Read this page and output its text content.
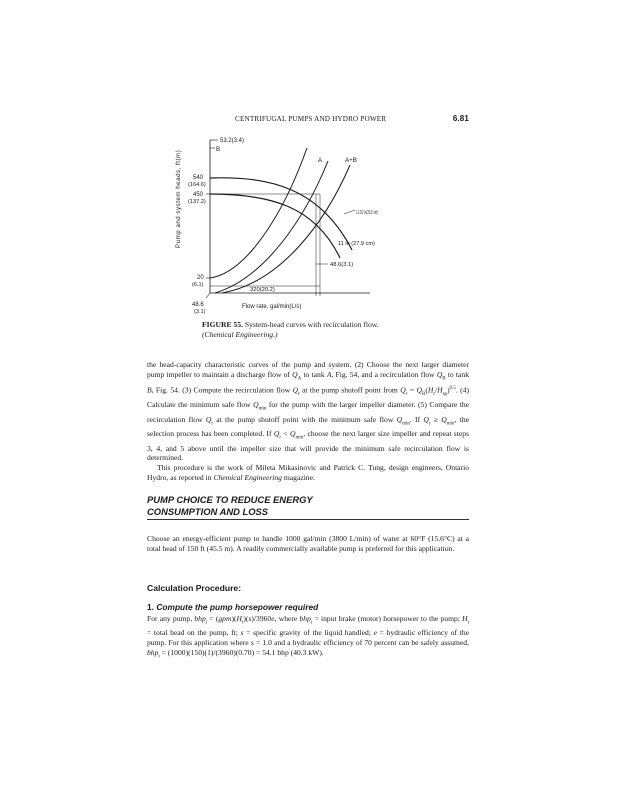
CENTRIFUGAL PUMPS AND HYDRO POWER	6.81
Pump and system heads, ft(m)
53.2(3.4)
B
A	A+B
540
(164.6)
450
(137.2)
20
(6.1)
48.6
(3.1)
11-1/2 in(29.2 cm)
11 in (27.9 cm)
48.6(3.1)
320(20.2)
Flow rate, gal/min(L/s)
FIGURE 55. System-head curves with recirculation flow.
(Chemical Engineering.)

the head-capacity characteristic curves of the pump and system. (2) Choose the next larger diameter pump impeller to maintain a discharge flow of $Q_A$ to tank A, Fig. 54, and a recirculation flow $Q_B$ to tank B, Fig. 54. (3) Compute the recirculation flow $Q_r$ at the pump shutoff point from $Q_r = Q_B(H_r/H_{sp})^{0.5}$. (4) Calculate the minimum safe flow $Q_{min}$ for the pump with the larger impeller diameter. (5) Compare the recirculation flow $Q_r$ at the pump shutoff point with the minimum safe flow $Q_{min}$. If $Q_r \ge Q_{min}$, the selection process has been completed. If $Q_r < Q_{min}$, choose the next larger size impeller and repeat steps 3, 4, and 5 above until the impeller size that will provide the minimum safe recirculation flow is determined.

This procedure is the work of Mileta Mikasinovic and Patrick C. Tung, design engineers, Ontario Hydro, as reported in Chemical Engineering magazine.

PUMP CHOICE TO REDUCE ENERGY
CONSUMPTION AND LOSS

Choose an energy-efficient pump to handle 1000 gal/min (3800 L/min) of water at 60°F (15.6°C) at a total head of 150 ft (45.5 m). A readily commercially available pump is preferred for this application.

Calculation Procedure:
1. Compute the pump horsepower required

For any pump, $bhp_i = (gpm)(H_t)(s)/3960e$, where bhp$_i$ = input brake (motor) horsepower to the pump; $H_t$ = total head on the pump, ft; s = specific gravity of the liquid handled; e = hydraulic efficiency of the pump. For this application where s = 1.0 and a hydraulic efficiency of 70 percent can be safely assumed, bhp$_i$ = (1000)(150)(1)/(3960)(0.70) = 54.1 bhp (40.3 kW).
